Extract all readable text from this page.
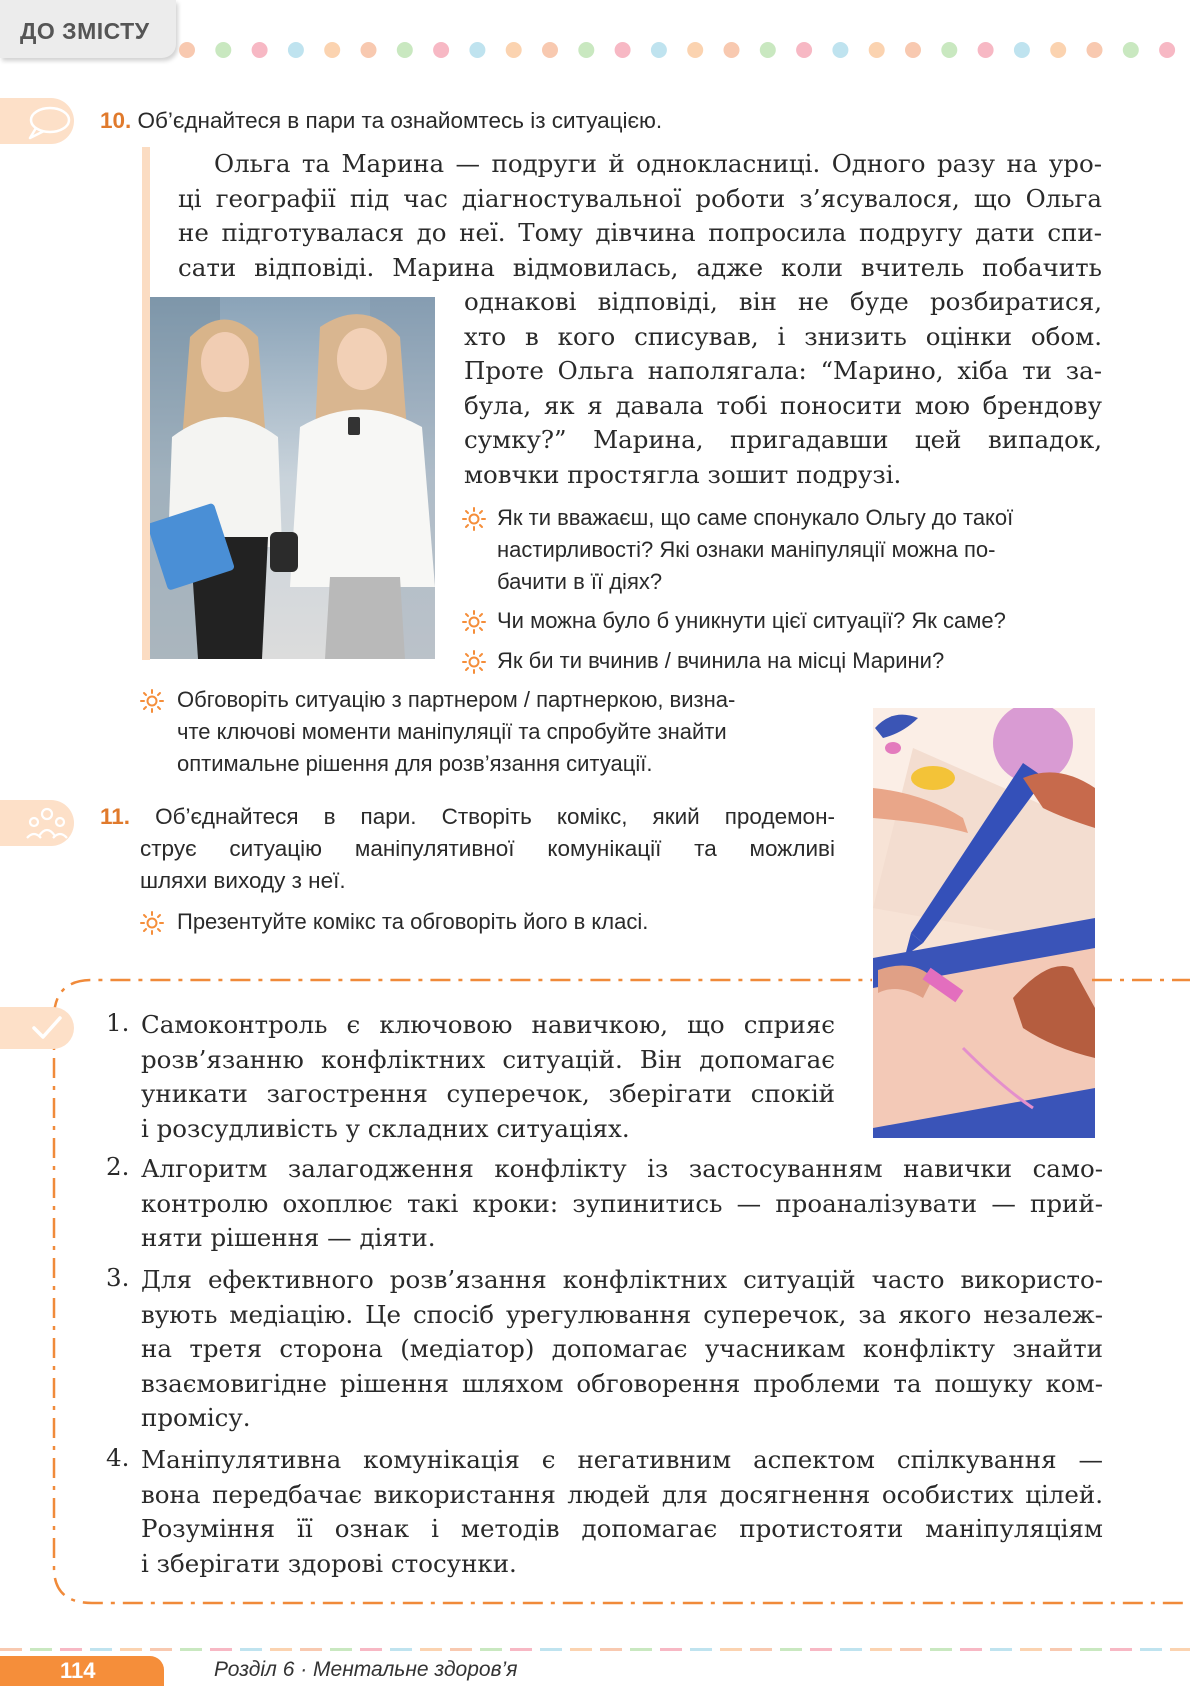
ДО ЗМІСТУ
10. Об’єднайтеся в пари та ознайомтесь із ситуацією.
Ольга та Марина — подруги й однокласниці. Одного разу на уро-
ці географії під час діагностувальної роботи з’ясувалося, що Ольга
не підготувалася до неї. Тому дівчина попросила подругу дати спи-
сати відповіді. Марина відмовилась, адже коли вчитель побачить
однакові відповіді, він не буде розбиратися,
хто в кого списував, і знизить оцінки обом.
Проте Ольга наполягала: “Марино, хіба ти за-
була, як я давала тобі поносити мою брендову
сумку?” Марина, пригадавши цей випадок,
мовчки простягла зошит подрузі.
Як ти вважаєш, що саме спонукало Ольгу до такої
настирливості? Які ознаки маніпуляції можна по-
бачити в її діях?
Чи можна було б уникнути цієї ситуації? Як саме?
Як би ти вчинив / вчинила на місці Марини?
Обговоріть ситуацію з партнером / партнеркою, визна-
чте ключові моменти маніпуляції та спробуйте знайти
оптимальне рішення для розв’язання ситуації.
11. Об’єднайтеся в пари. Створіть комікс, який продемон-
струє ситуацію маніпулятивної комунікації та можливі
шляхи виходу з неї.
Презентуйте комікс та обговоріть його в класі.
1. Самоконтроль є ключовою навичкою, що сприяє
розв’язанню конфліктних ситуацій. Він допомагає
уникати загострення суперечок, зберігати спокій
і розсудливість у складних ситуаціях.
2. Алгоритм залагодження конфлікту із застосуванням навички само-
контролю охоплює такі кроки: зупинитись — проаналізувати — прий-
няти рішення — діяти.
3. Для ефективного розв’язання конфліктних ситуацій часто використо-
вують медіацію. Це спосіб урегулювання суперечок, за якого незалеж-
на третя сторона (медіатор) допомагає учасникам конфлікту знайти
взаємовигідне рішення шляхом обговорення проблеми та пошуку ком-
промісу.
4. Маніпулятивна комунікація є негативним аспектом спілкування —
вона передбачає використання людей для досягнення особистих цілей.
Розуміння її ознак і методів допомагає протистояти маніпуляціям
і зберігати здорові стосунки.
114	Розділ 6 · Ментальне здоров’я
